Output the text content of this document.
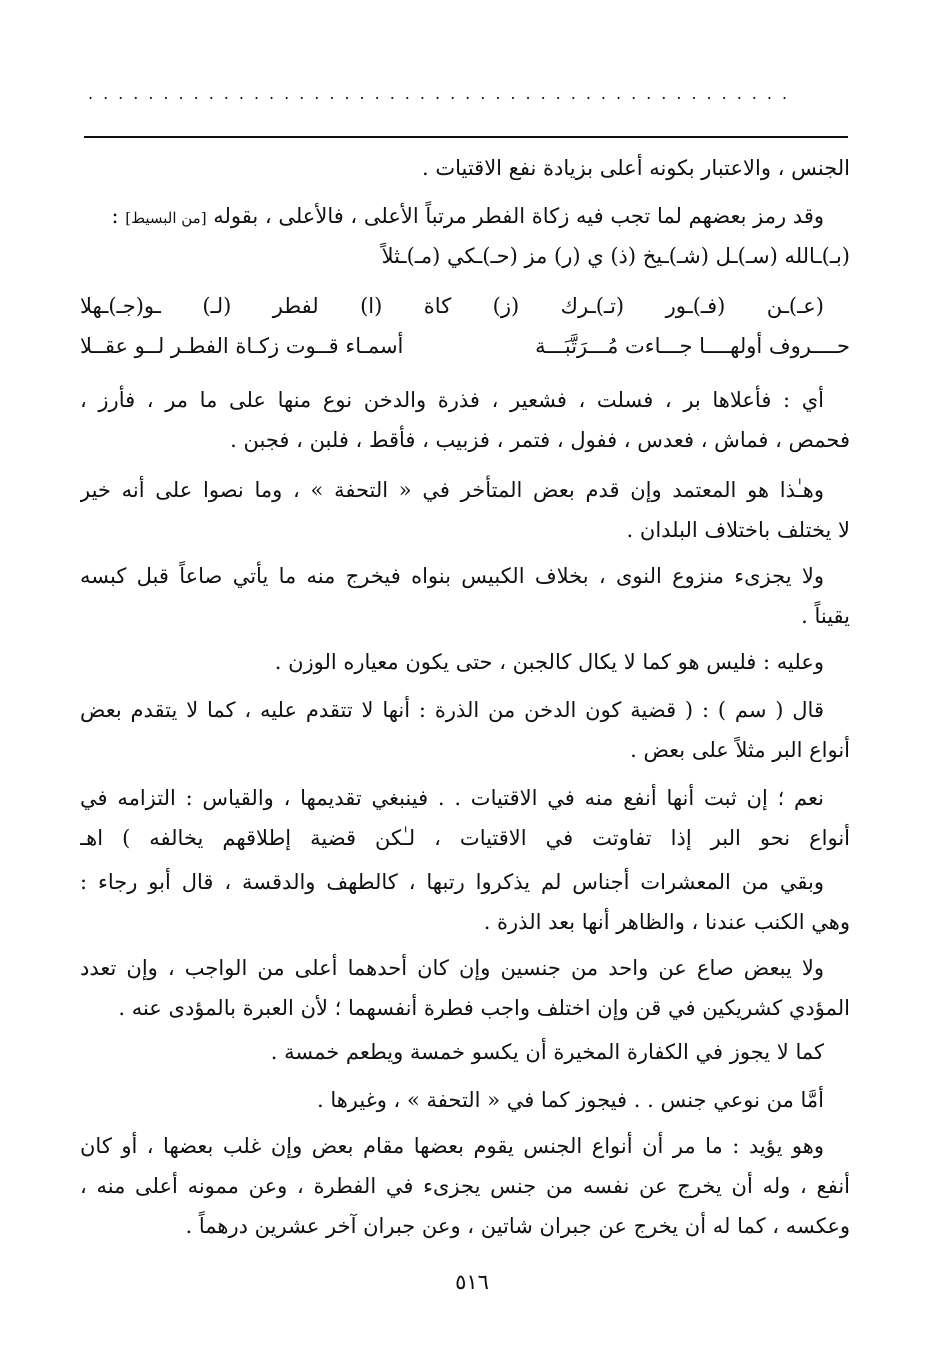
...............................................
الجنس ، والاعتبار بكونه أعلى بزيادة نفع الاقتيات .
وقد رمز بعضهم لما تجب فيه زكاة الفطر مرتباً الأعلى ، فالأعلى ، بقوله [من البسيط] :
(بـ)ـالله (سـ)ـل (شـ)ـيخ (ذ) ي (ر) مز (حـ)ـكي (مـ)ـثلاً
(عـ)ـن (فـ)ـور (تـ)ـرك (ز) كاة (ا) لفطر (لـ) ـو(جـ)ـهلا
حــــروف أولهــــا جـــاءت مُـــرَتَّبَـــة
أسمـاء قــوت زكـاة الفطـر لــو عقــلا
أي : فأعلاها بر ، فسلت ، فشعير ، فذرة والدخن نوع منها على ما مر ، فأرز ،
فحمص ، فماش ، فعدس ، ففول ، فتمر ، فزبيب ، فأقط ، فلبن ، فجبن .
وهـٰذا هو المعتمد وإن قدم بعض المتأخر في « التحفة » ، وما نصوا على أنه خير
لا يختلف باختلاف البلدان .
ولا يجزىء منزوع النوى ، بخلاف الكبيس بنواه فيخرج منه ما يأتي صاعاً قبل كبسه
يقيناً .
وعليه : فليس هو كما لا يكال كالجبن ، حتى يكون معياره الوزن .
قال ( سم ) : ( قضية كون الدخن من الذرة : أنها لا تتقدم عليه ، كما لا يتقدم بعض
أنواع البر مثلاً على بعض .
نعم ؛ إن ثبت أنها أنفع منه في الاقتيات . . فينبغي تقديمها ، والقياس : التزامه في
أنواع نحو البر إذا تفاوتت في الاقتيات ، لـٰكن قضية إطلاقهم يخالفه ) اهـ
وبقي من المعشرات أجناس لم يذكروا رتبها ، كالطهف والدقسة ، قال أبو رجاء :
وهي الكنب عندنا ، والظاهر أنها بعد الذرة .
ولا يبعض صاع عن واحد من جنسين وإن كان أحدهما أعلى من الواجب ، وإن تعدد
المؤدي كشريكين في قن وإن اختلف واجب فطرة أنفسهما ؛ لأن العبرة بالمؤدى عنه .
كما لا يجوز في الكفارة المخيرة أن يكسو خمسة ويطعم خمسة .
أمَّا من نوعي جنس . . فيجوز كما في « التحفة » ، وغيرها .
وهو يؤيد : ما مر أن أنواع الجنس يقوم بعضها مقام بعض وإن غلب بعضها ، أو كان
أنفع ، وله أن يخرج عن نفسه من جنس يجزىء في الفطرة ، وعن ممونه أعلى منه ،
وعكسه ، كما له أن يخرج عن جبران شاتين ، وعن جبران آخر عشرين درهماً .
٥١٦
